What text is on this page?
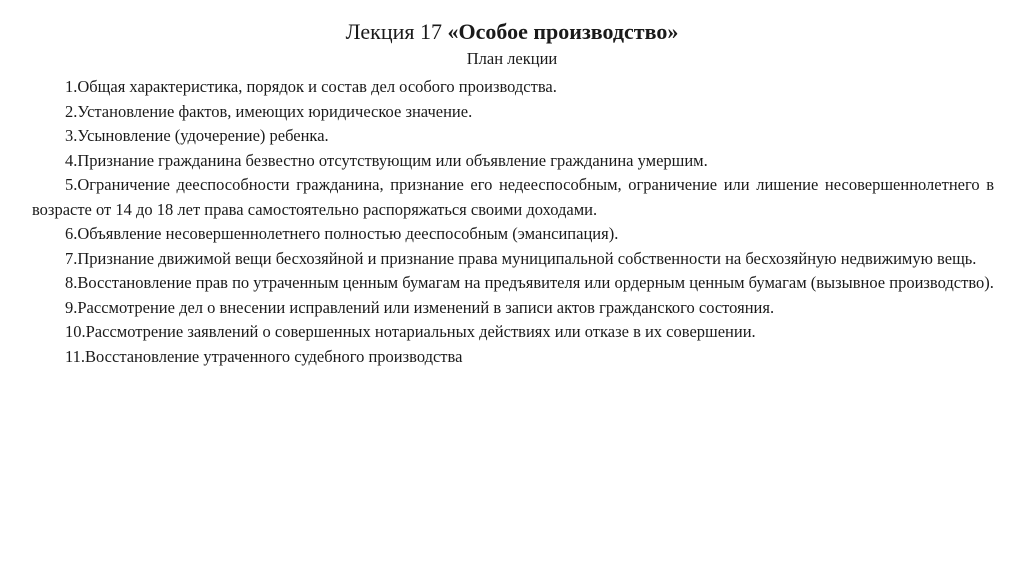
Лекция 17 «Особое производство»
План лекции

1.Общая характеристика, порядок и состав дел особого производства.

2.Установление фактов, имеющих юридическое значение.

3.Усыновление (удочерение) ребенка.

4.Признание гражданина безвестно отсутствующим или объявление гражданина умершим.

5.Ограничение дееспособности гражданина, признание его недееспособным, ограничение или лишение несовершеннолетнего в возрасте от 14 до 18 лет права самостоятельно распоряжаться своими доходами.

6.Объявление несовершеннолетнего полностью дееспособным (эмансипация).

7.Признание движимой вещи бесхозяйной и признание права муниципальной собственности на бесхозяйную недвижимую вещь.

8.Восстановление прав по утраченным ценным бумагам на предъявителя или ордерным ценным бумагам (вызывное производство).

9.Рассмотрение дел о внесении исправлений или изменений в записи актов гражданского состояния.

10.Рассмотрение заявлений о совершенных нотариальных действиях или отказе в их совершении.

11.Восстановление утраченного судебного производства
